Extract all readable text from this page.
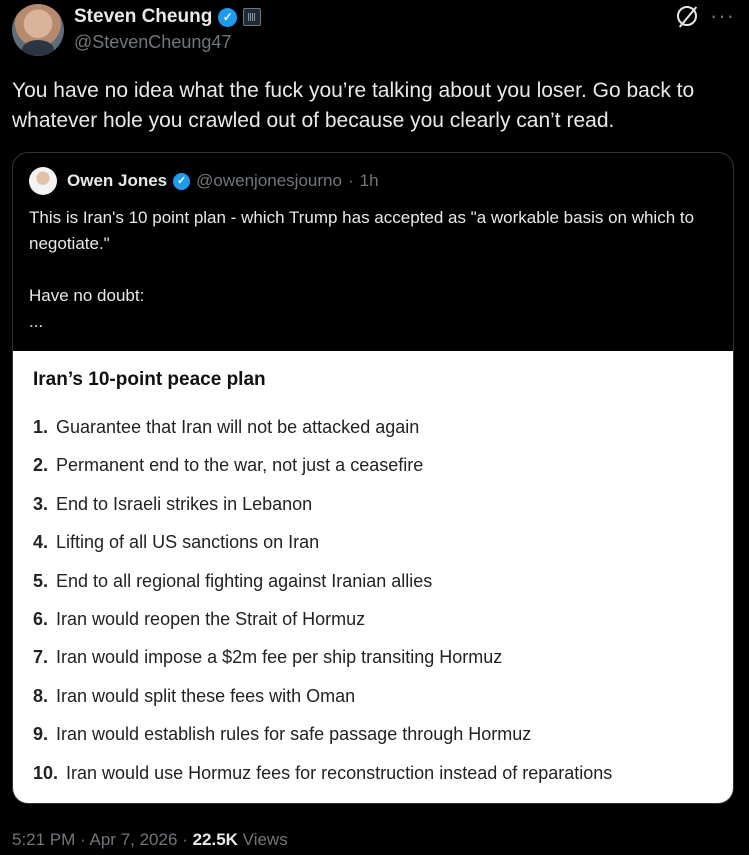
Steven Cheung ✓
@StevenCheung47
···
You have no idea what the fuck you’re talking about you loser. Go back to whatever hole you crawled out of because you clearly can’t read.
Owen Jones ✓ @owenjonesjourno · 1h
This is Iran's 10 point plan - which Trump has accepted as "a workable basis on which to negotiate."

Have no doubt:
...
Iran’s 10-point peace plan
1. Guarantee that Iran will not be attacked again
2. Permanent end to the war, not just a ceasefire
3. End to Israeli strikes in Lebanon
4. Lifting of all US sanctions on Iran
5. End to all regional fighting against Iranian allies
6. Iran would reopen the Strait of Hormuz
7. Iran would impose a $2m fee per ship transiting Hormuz
8. Iran would split these fees with Oman
9. Iran would establish rules for safe passage through Hormuz
10. Iran would use Hormuz fees for reconstruction instead of reparations
5:21 PM · Apr 7, 2026 · 22.5K Views
